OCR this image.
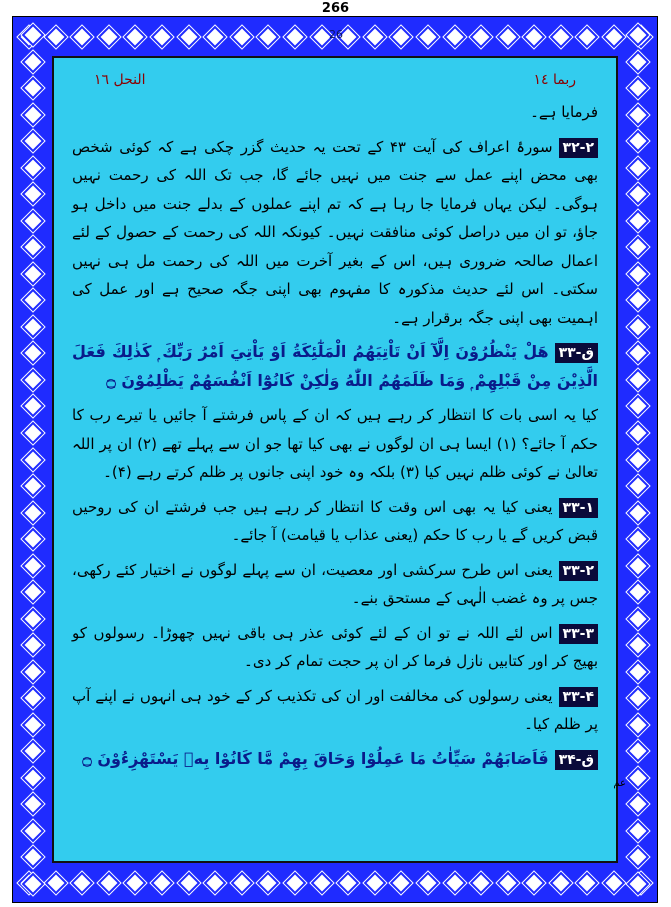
266
26
النحل ١٦	ربما ١٤

فرمایا ہے۔

۳۲-۲سورۂ اعراف کی آیت ۴۳ کے تحت یہ حدیث گزر چکی ہے کہ کوئی شخص بھی محض اپنے عمل سے جنت میں نہیں جائے گا، جب تک اللہ کی رحمت نہیں ہوگی۔ لیکن یہاں فرمایا جا رہا ہے کہ تم اپنے عملوں کے بدلے جنت میں داخل ہو جاؤ، تو ان میں دراصل کوئی منافقت نہیں۔ کیونکہ اللہ کی رحمت کے حصول کے لئے اعمال صالحہ ضروری ہیں، اس کے بغیر آخرت میں اللہ کی رحمت مل ہی نہیں سکتی۔ اس لئے حدیث مذکورہ کا مفہوم بھی اپنی جگہ صحیح ہے اور عمل کی اہمیت بھی اپنی جگہ برقرار ہے۔

ق-۳۳هَلْ يَنْظُرُوْنَ اِلَّآ اَنْ تَاْتِيَهُمُ الْمَلٰٓئِكَةُ اَوْ يَاْتِيَ اَمْرُ رَبِّكَ ۭ كَذٰلِكَ فَعَلَ الَّذِيْنَ مِنْ قَبْلِهِمْ ۭ وَمَا ظَلَمَهُمُ اللّٰهُ وَلٰكِنْ كَانُوْٓا اَنْفُسَهُمْ يَظْلِمُوْنَ ۝

کیا یہ اسی بات کا انتظار کر رہے ہیں کہ ان کے پاس فرشتے آ جائیں یا تیرے رب کا حکم آ جائے؟ (۱) ایسا ہی ان لوگوں نے بھی کیا تھا جو ان سے پہلے تھے (۲) ان پر اللہ تعالیٰ نے کوئی ظلم نہیں کیا (۳) بلکہ وہ خود اپنی جانوں پر ظلم کرتے رہے (۴)۔

۳۳-۱یعنی کیا یہ بھی اس وقت کا انتظار کر رہے ہیں جب فرشتے ان کی روحیں قبض کریں گے یا رب کا حکم (یعنی عذاب یا قیامت) آ جائے۔

۳۳-۲یعنی اس طرح سرکشی اور معصیت، ان سے پہلے لوگوں نے اختیار کئے رکھی، جس پر وہ غضب الٰہی کے مستحق بنے۔

۳۳-۳اس لئے اللہ نے تو ان کے لئے کوئی عذر ہی باقی نہیں چھوڑا۔ رسولوں کو بھیج کر اور کتابیں نازل فرما کر ان پر حجت تمام کر دی۔

۳۳-۴یعنی رسولوں کی مخالفت اور ان کی تکذیب کر کے خود ہی انہوں نے اپنے آپ پر ظلم کیا۔

ق-۳۴فَاَصَابَهُمْ سَيِّاٰتُ مَا عَمِلُوْا وَحَاقَ بِهِمْ مَّا كَانُوْا بِهٖ يَسْتَهْزِءُوْنَ ۝

عم
